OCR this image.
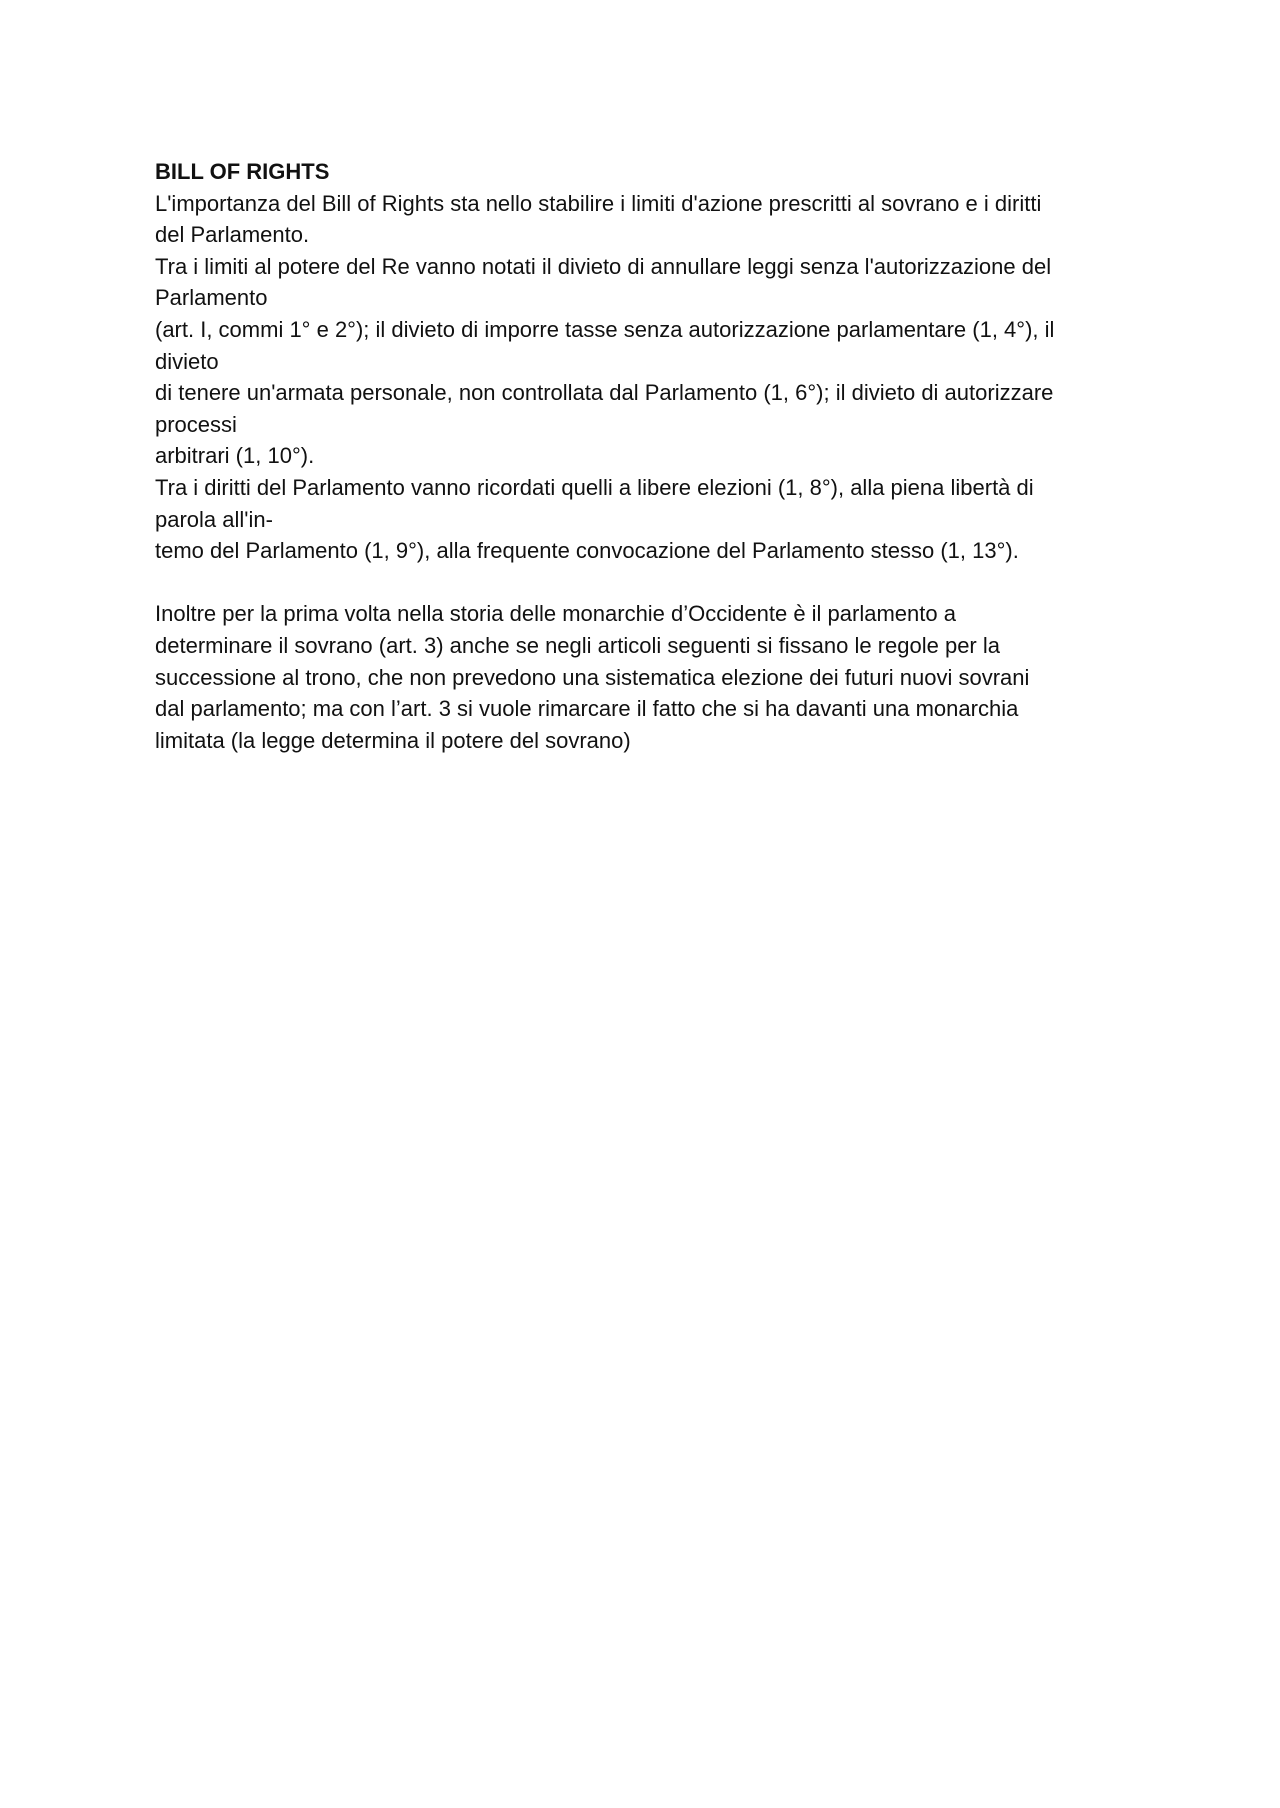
BILL OF RIGHTS

L'importanza del Bill of Rights sta nello stabilire i limiti d'azione prescritti al sovrano e i diritti

del Parlamento.

Tra i limiti al potere del Re vanno notati il divieto di annullare leggi senza l'autorizzazione del

Parlamento

(art. I, commi 1° e 2°); il divieto di imporre tasse senza autorizzazione parlamentare (1, 4°), il

divieto

di tenere un'armata personale, non controllata dal Parlamento (1, 6°); il divieto di autorizzare

processi

arbitrari (1, 10°).

Tra i diritti del Parlamento vanno ricordati quelli a libere elezioni (1, 8°), alla piena libertà di

parola all'in-

temo del Parlamento (1, 9°), alla frequente convocazione del Parlamento stesso (1, 13°).

Inoltre per la prima volta nella storia delle monarchie d’Occidente è il parlamento a

determinare il sovrano (art. 3) anche se negli articoli seguenti si fissano le regole per la

successione al trono, che non prevedono una sistematica elezione dei futuri nuovi sovrani

dal parlamento; ma con l’art. 3 si vuole rimarcare il fatto che si ha davanti una monarchia

limitata (la legge determina il potere del sovrano)
